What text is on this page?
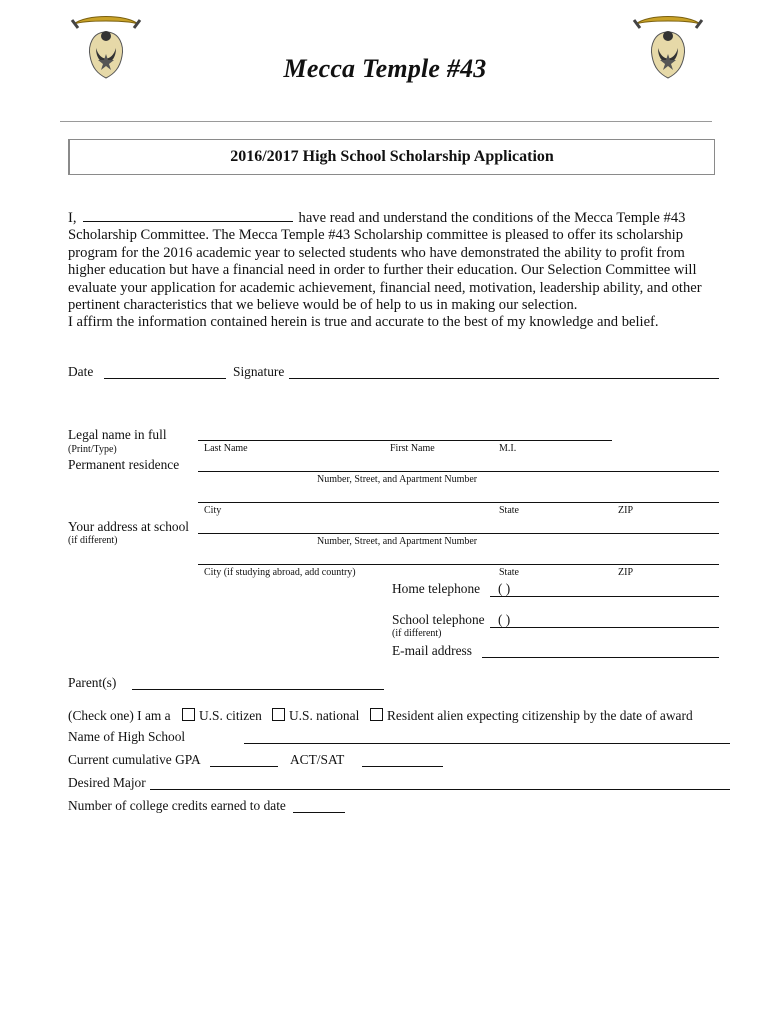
Mecca Temple #43
2016/2017 High School Scholarship Application
I,	have read and understand the conditions of the Mecca Temple #43 Scholarship Committee. The Mecca Temple #43 Scholarship committee is pleased to offer its scholarship program for the 2016 academic year to selected students who have demonstrated the ability to profit from higher education but have a financial need in order to further their education. Our Selection Committee will evaluate your application for academic achievement, financial need, motivation, leadership ability, and other pertinent characteristics that we believe would be of help to us in making our selection.
I affirm the information contained herein is true and accurate to the best of my knowledge and belief.
Date	Signature
Legal name in full
(Print/Type)	Last Name	First Name	M.I.
Permanent residence
Number, Street, and Apartment Number
City	State	ZIP
Your address at school
(if different)	Number, Street, and Apartment Number
City (if studying abroad, add country)	State	ZIP
Home telephone ( )
School telephone ( )
(if different)
E-mail address
Parent(s)
(Check one) I am a U.S. citizen U.S. national Resident alien expecting citizenship by the date of award
Name of High School
Current cumulative GPA	ACT/SAT
Desired Major
Number of college credits earned to date
